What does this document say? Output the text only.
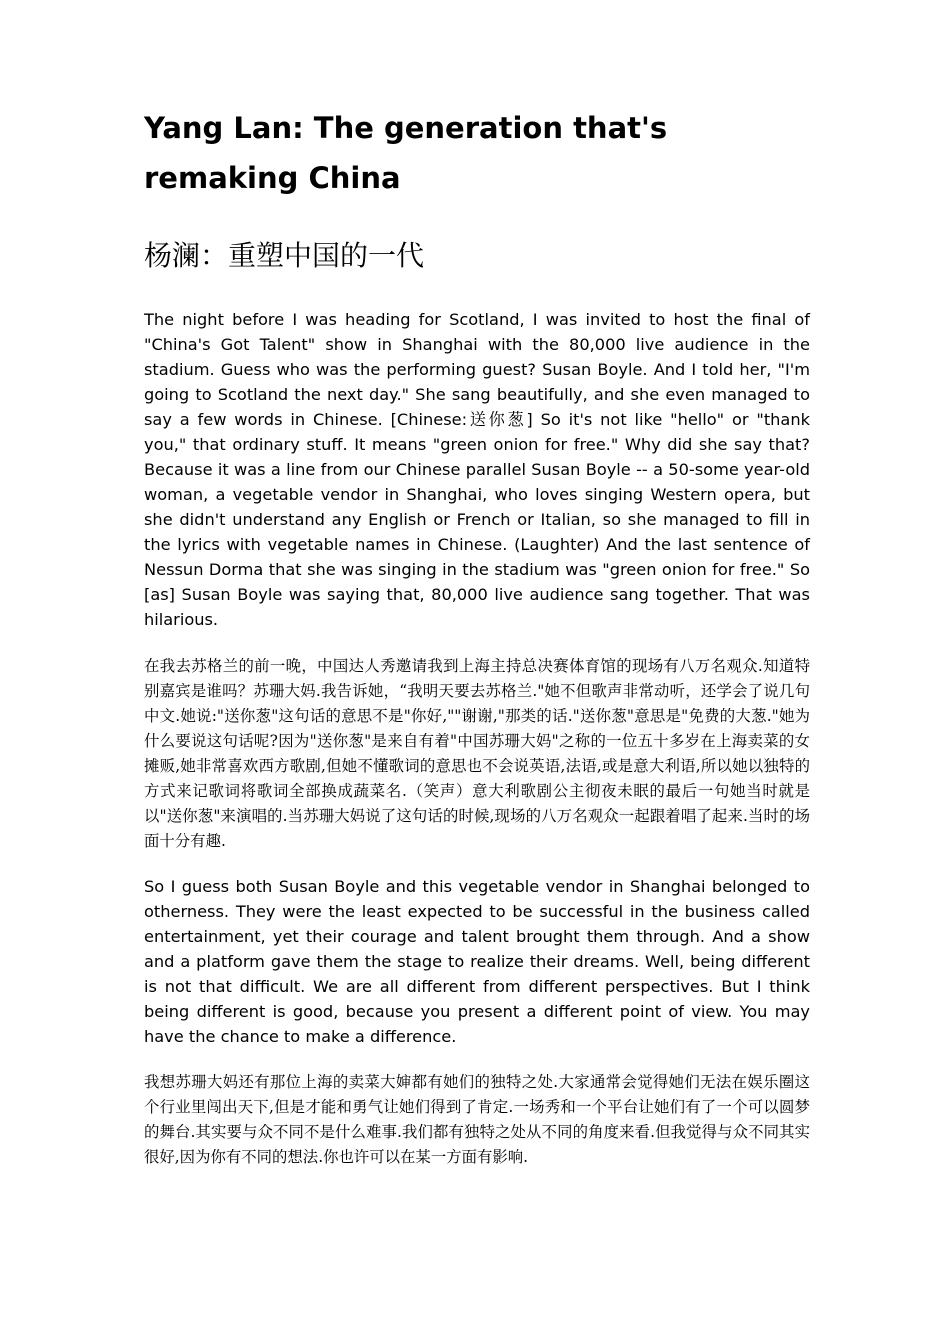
Yang Lan: The generation that's remaking China
杨澜：重塑中国的一代

The night before I was heading for Scotland, I was invited to host the final of "China's Got Talent" show in Shanghai with the 80,000 live audience in the stadium. Guess who was the performing guest? Susan Boyle. And I told her, "I'm going to Scotland the next day." She sang beautifully, and she even managed to say a few words in Chinese. [Chinese:送你葱] So it's not like "hello" or "thank you," that ordinary stuff. It means "green onion for free." Why did she say that? Because it was a line from our Chinese parallel Susan Boyle -- a 50-some year-old woman, a vegetable vendor in Shanghai, who loves singing Western opera, but she didn't understand any English or French or Italian, so she managed to fill in the lyrics with vegetable names in Chinese. (Laughter) And the last sentence of Nessun Dorma that she was singing in the stadium was "green onion for free." So [as] Susan Boyle was saying that, 80,000 live audience sang together. That was hilarious.

在我去苏格兰的前一晚，中国达人秀邀请我到上海主持总决赛体育馆的现场有八万名观众.知道特别嘉宾是谁吗？苏珊大妈.我告诉她，“我明天要去苏格兰."她不但歌声非常动听，还学会了说几句中文.她说:"送你葱"这句话的意思不是"你好,""谢谢,"那类的话."送你葱"意思是"免费的大葱."她为什么要说这句话呢?因为"送你葱"是来自有着"中国苏珊大妈"之称的一位五十多岁在上海卖菜的女摊贩,她非常喜欢西方歌剧,但她不懂歌词的意思也不会说英语,法语,或是意大利语,所以她以独特的方式来记歌词将歌词全部换成蔬菜名.（笑声）意大利歌剧公主彻夜未眠的最后一句她当时就是以"送你葱"来演唱的.当苏珊大妈说了这句话的时候,现场的八万名观众一起跟着唱了起来.当时的场面十分有趣.

So I guess both Susan Boyle and this vegetable vendor in Shanghai belonged to otherness. They were the least expected to be successful in the business called entertainment, yet their courage and talent brought them through. And a show and a platform gave them the stage to realize their dreams. Well, being different is not that difficult. We are all different from different perspectives. But I think being different is good, because you present a different point of view. You may have the chance to make a difference.

我想苏珊大妈还有那位上海的卖菜大婶都有她们的独特之处.大家通常会觉得她们无法在娱乐圈这个行业里闯出天下,但是才能和勇气让她们得到了肯定.一场秀和一个平台让她们有了一个可以圆梦的舞台.其实要与众不同不是什么难事.我们都有独特之处从不同的角度来看.但我觉得与众不同其实很好,因为你有不同的想法.你也许可以在某一方面有影响.
